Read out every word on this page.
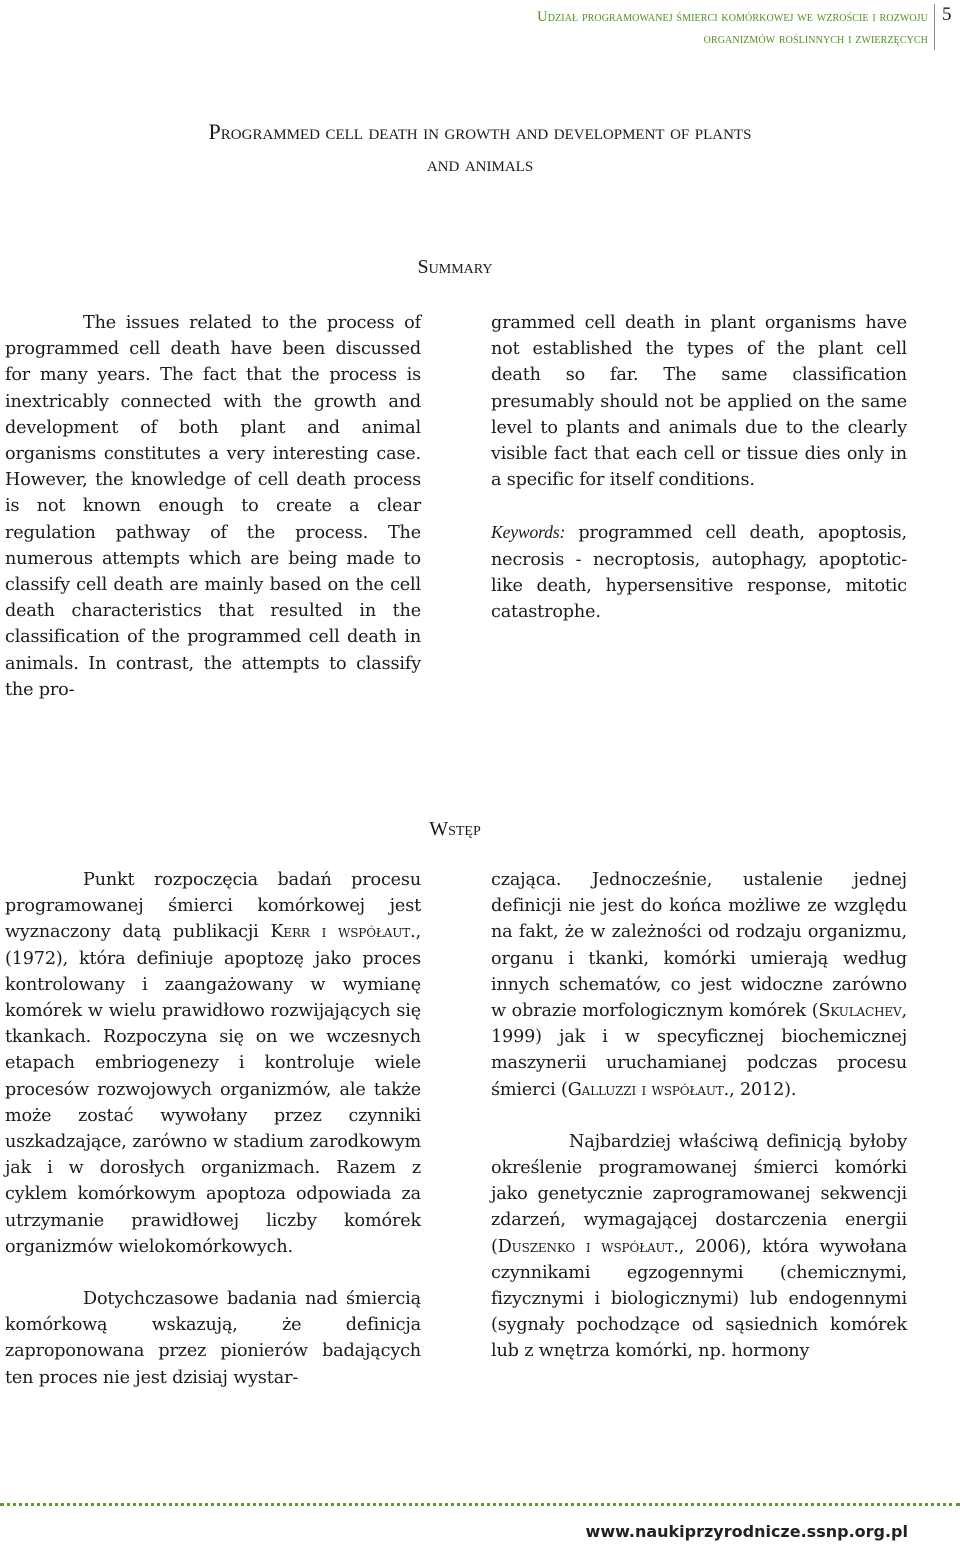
Udział programowanej śmierci komórkowej we wzroście i rozwoju
organizmów roślinnych i zwierzęcych
5
Programmed cell death in growth and development of plants
and animals
Summary

The issues related to the process of programmed cell death have been discussed for many years. The fact that the process is inextricably connected with the growth and development of both plant and animal organisms constitutes a very interesting case. However, the knowledge of cell death process is not known enough to create a clear regulation pathway of the process. The numerous attempts which are being made to classify cell death are mainly based on the cell death characteristics that resulted in the classification of the programmed cell death in animals. In contrast, the attempts to classify the pro-

grammed cell death in plant organisms have not established the types of the plant cell death so far. The same classification presumably should not be applied on the same level to plants and animals due to the clearly visible fact that each cell or tissue dies only in a specific for itself conditions.

Keywords: programmed cell death, apoptosis, necrosis - necroptosis, autophagy, apoptotic-like death, hypersensitive response, mitotic catastrophe.

Wstęp

Punkt rozpoczęcia badań procesu programowanej śmierci komórkowej jest wyznaczony datą publikacji Kerr i współaut., (1972), która definiuje apoptozę jako proces kontrolowany i zaangażowany w wymianę komórek w wielu prawidłowo rozwijających się tkankach. Rozpoczyna się on we wczesnych etapach embriogenezy i kontroluje wiele procesów rozwojowych organizmów, ale także może zostać wywołany przez czynniki uszkadzające, zarówno w stadium zarodkowym jak i w dorosłych organizmach. Razem z cyklem komórkowym apoptoza odpowiada za utrzymanie prawidłowej liczby komórek organizmów wielokomórkowych.

Dotychczasowe badania nad śmiercią komórkową wskazują, że definicja zaproponowana przez pionierów badających ten proces nie jest dzisiaj wystar-

czająca. Jednocześnie, ustalenie jednej definicji nie jest do końca możliwe ze względu na fakt, że w zależności od rodzaju organizmu, organu i tkanki, komórki umierają według innych schematów, co jest widoczne zarówno w obrazie morfologicznym komórek (Skulachev, 1999) jak i w specyficznej biochemicznej maszynerii uruchamianej podczas procesu śmierci (Galluzzi i współaut., 2012).

Najbardziej właściwą definicją byłoby określenie programowanej śmierci komórki jako genetycznie zaprogramowanej sekwencji zdarzeń, wymagającej dostarczenia energii (Duszenko i współaut., 2006), która wywołana czynnikami egzogennymi (chemicznymi, fizycznymi i biologicznymi) lub endogennymi (sygnały pochodzące od sąsiednich komórek lub z wnętrza komórki, np. hormony

www.naukiprzyrodnicze.ssnp.org.pl
